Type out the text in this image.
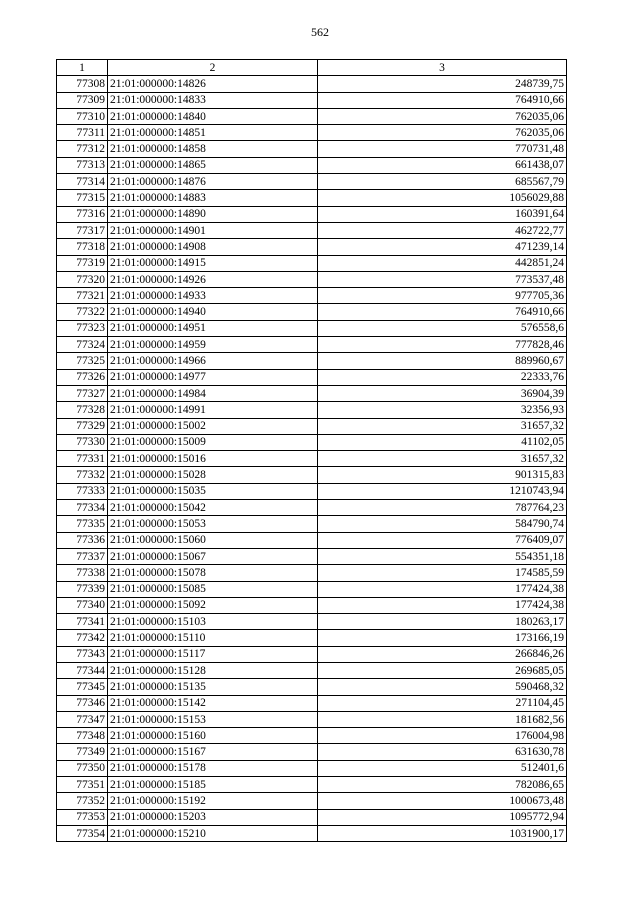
562
1	2	3
77308	21:01:000000:14826	248739,75
77309	21:01:000000:14833	764910,66
77310	21:01:000000:14840	762035,06
77311	21:01:000000:14851	762035,06
77312	21:01:000000:14858	770731,48
77313	21:01:000000:14865	661438,07
77314	21:01:000000:14876	685567,79
77315	21:01:000000:14883	1056029,88
77316	21:01:000000:14890	160391,64
77317	21:01:000000:14901	462722,77
77318	21:01:000000:14908	471239,14
77319	21:01:000000:14915	442851,24
77320	21:01:000000:14926	773537,48
77321	21:01:000000:14933	977705,36
77322	21:01:000000:14940	764910,66
77323	21:01:000000:14951	576558,6
77324	21:01:000000:14959	777828,46
77325	21:01:000000:14966	889960,67
77326	21:01:000000:14977	22333,76
77327	21:01:000000:14984	36904,39
77328	21:01:000000:14991	32356,93
77329	21:01:000000:15002	31657,32
77330	21:01:000000:15009	41102,05
77331	21:01:000000:15016	31657,32
77332	21:01:000000:15028	901315,83
77333	21:01:000000:15035	1210743,94
77334	21:01:000000:15042	787764,23
77335	21:01:000000:15053	584790,74
77336	21:01:000000:15060	776409,07
77337	21:01:000000:15067	554351,18
77338	21:01:000000:15078	174585,59
77339	21:01:000000:15085	177424,38
77340	21:01:000000:15092	177424,38
77341	21:01:000000:15103	180263,17
77342	21:01:000000:15110	173166,19
77343	21:01:000000:15117	266846,26
77344	21:01:000000:15128	269685,05
77345	21:01:000000:15135	590468,32
77346	21:01:000000:15142	271104,45
77347	21:01:000000:15153	181682,56
77348	21:01:000000:15160	176004,98
77349	21:01:000000:15167	631630,78
77350	21:01:000000:15178	512401,6
77351	21:01:000000:15185	782086,65
77352	21:01:000000:15192	1000673,48
77353	21:01:000000:15203	1095772,94
77354	21:01:000000:15210	1031900,17
